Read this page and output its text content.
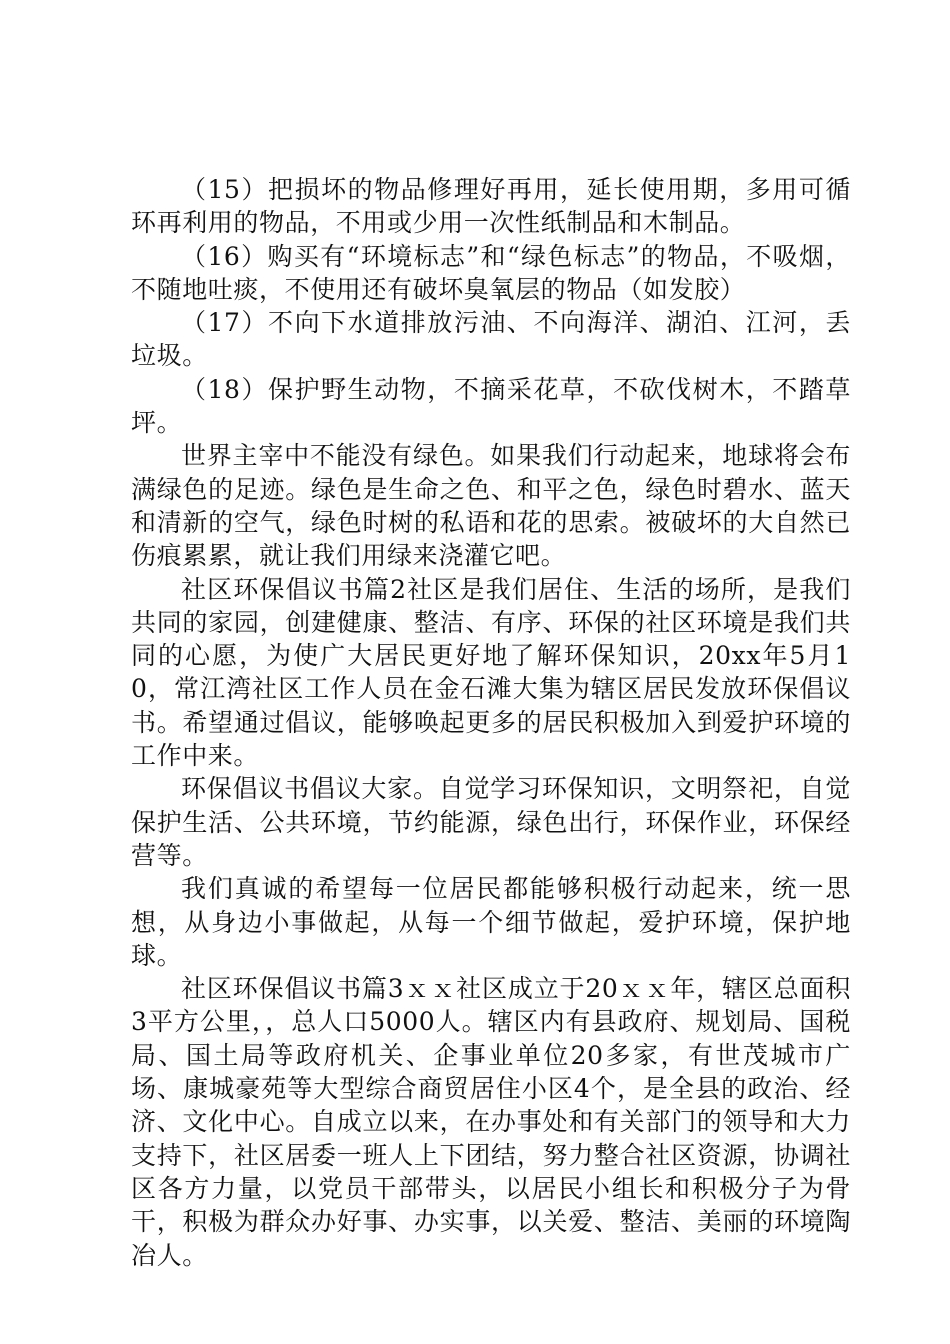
（15）把损坏的物品修理好再用，延长使用期，多用可循环再利用的物品，不用或少用一次性纸制品和木制品。

（16）购买有“环境标志”和“绿色标志”的物品，不吸烟，不随地吐痰，不使用还有破坏臭氧层的物品（如发胶）

（17）不向下水道排放污油、不向海洋、湖泊、江河，丢垃圾。

（18）保护野生动物，不摘采花草，不砍伐树木，不踏草坪。

世界主宰中不能没有绿色。如果我们行动起来，地球将会布满绿色的足迹。绿色是生命之色、和平之色，绿色时碧水、蓝天和清新的空气，绿色时树的私语和花的思索。被破坏的大自然已伤痕累累，就让我们用绿来浇灌它吧。

社区环保倡议书篇2社区是我们居住、生活的场所，是我们共同的家园，创建健康、整洁、有序、环保的社区环境是我们共同的心愿，为使广大居民更好地了解环保知识，20xx年5月10，常江湾社区工作人员在金石滩大集为辖区居民发放环保倡议书。希望通过倡议，能够唤起更多的居民积极加入到爱护环境的工作中来。

环保倡议书倡议大家。自觉学习环保知识，文明祭祀，自觉保护生活、公共环境，节约能源，绿色出行，环保作业，环保经营等。

我们真诚的希望每一位居民都能够积极行动起来，统一思想，从身边小事做起，从每一个细节做起，爱护环境，保护地球。

社区环保倡议书篇3ｘｘ社区成立于20ｘｘ年，辖区总面积3平方公里，，总人口5000人。辖区内有县政府、规划局、国税局、国土局等政府机关、企事业单位20多家，有世茂城市广场、康城豪苑等大型综合商贸居住小区4个，是全县的政治、经济、文化中心。自成立以来，在办事处和有关部门的领导和大力支持下，社区居委一班人上下团结，努力整合社区资源，协调社区各方力量，以党员干部带头，以居民小组长和积极分子为骨干，积极为群众办好事、办实事，以关爱、整洁、美丽的环境陶冶人。
